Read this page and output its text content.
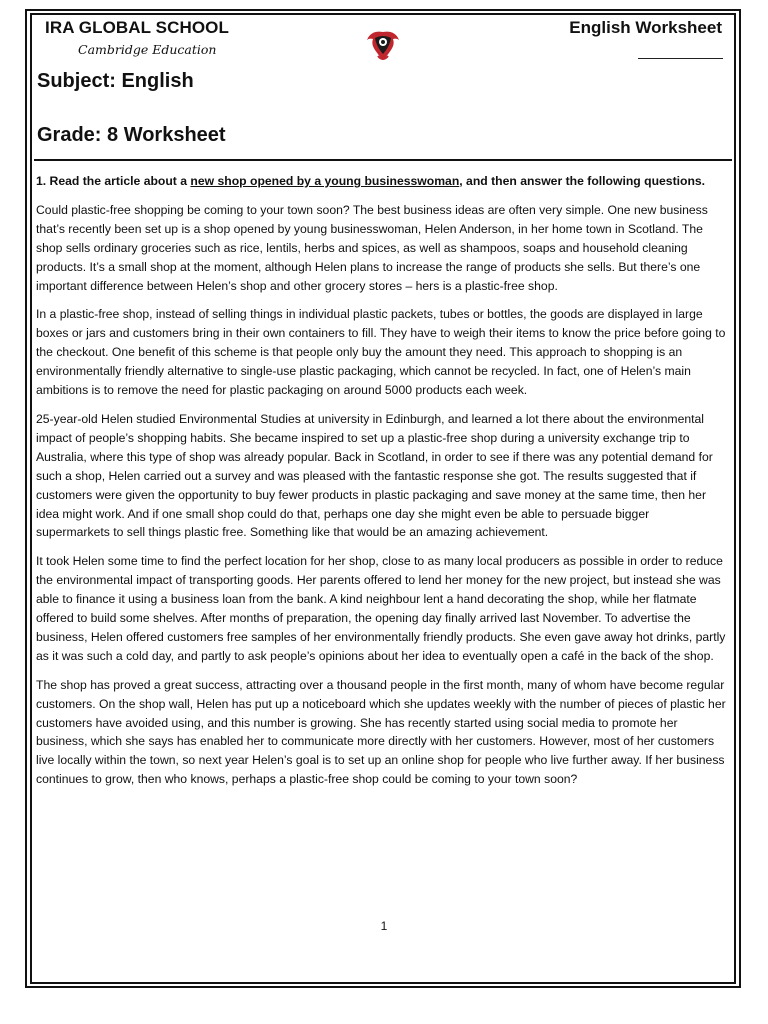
IRA GLOBAL SCHOOL
Cambridge Education
English Worksheet
Subject: English
Grade: 8 Worksheet

1. Read the article about a new shop opened by a young businesswoman, and then answer the following questions.

Could plastic-free shopping be coming to your town soon? The best business ideas are often very simple. One new business that’s recently been set up is a shop opened by young businesswoman, Helen Anderson, in her home town in Scotland. The shop sells ordinary groceries such as rice, lentils, herbs and spices, as well as shampoos, soaps and household cleaning products. It’s a small shop at the moment, although Helen plans to increase the range of products she sells. But there’s one important difference between Helen’s shop and other grocery stores – hers is a plastic-free shop.

In a plastic-free shop, instead of selling things in individual plastic packets, tubes or bottles, the goods are displayed in large boxes or jars and customers bring in their own containers to fill. They have to weigh their items to know the price before going to the checkout. One benefit of this scheme is that people only buy the amount they need. This approach to shopping is an environmentally friendly alternative to single-use plastic packaging, which cannot be recycled. In fact, one of Helen’s main ambitions is to remove the need for plastic packaging on around 5000 products each week.

25-year-old Helen studied Environmental Studies at university in Edinburgh, and learned a lot there about the environmental impact of people’s shopping habits. She became inspired to set up a plastic-free shop during a university exchange trip to Australia, where this type of shop was already popular. Back in Scotland, in order to see if there was any potential demand for such a shop, Helen carried out a survey and was pleased with the fantastic response she got. The results suggested that if customers were given the opportunity to buy fewer products in plastic packaging and save money at the same time, then her idea might work. And if one small shop could do that, perhaps one day she might even be able to persuade bigger supermarkets to sell things plastic free. Something like that would be an amazing achievement.

It took Helen some time to find the perfect location for her shop, close to as many local producers as possible in order to reduce the environmental impact of transporting goods. Her parents offered to lend her money for the new project, but instead she was able to finance it using a business loan from the bank. A kind neighbour lent a hand decorating the shop, while her flatmate offered to build some shelves. After months of preparation, the opening day finally arrived last November. To advertise the business, Helen offered customers free samples of her environmentally friendly products. She even gave away hot drinks, partly as it was such a cold day, and partly to ask people’s opinions about her idea to eventually open a café in the back of the shop.

The shop has proved a great success, attracting over a thousand people in the first month, many of whom have become regular customers. On the shop wall, Helen has put up a noticeboard which she updates weekly with the number of pieces of plastic her customers have avoided using, and this number is growing. She has recently started using social media to promote her business, which she says has enabled her to communicate more directly with her customers. However, most of her customers live locally within the town, so next year Helen’s goal is to set up an online shop for people who live further away. If her business continues to grow, then who knows, perhaps a plastic-free shop could be coming to your town soon?

1
